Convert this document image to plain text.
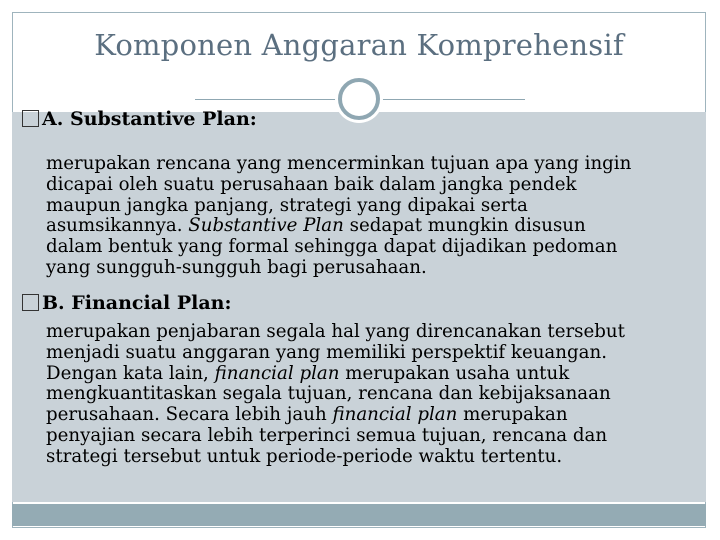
Komponen Anggaran Komprehensif
A. Substantive Plan:
merupakan rencana yang mencerminkan tujuan apa yang ingin
dicapai oleh suatu perusahaan baik dalam jangka pendek
maupun jangka panjang, strategi yang dipakai serta
asumsikannya. Substantive Plan sedapat mungkin disusun
dalam bentuk yang formal sehingga dapat dijadikan pedoman
yang sungguh-sungguh bagi perusahaan.
B. Financial Plan:
merupakan penjabaran segala hal yang direncanakan tersebut
menjadi suatu anggaran yang memiliki perspektif keuangan.
Dengan kata lain, financial plan merupakan usaha untuk
mengkuantitaskan segala tujuan, rencana dan kebijaksanaan
perusahaan. Secara lebih jauh financial plan merupakan
penyajian secara lebih terperinci semua tujuan, rencana dan
strategi tersebut untuk periode-periode waktu tertentu.
